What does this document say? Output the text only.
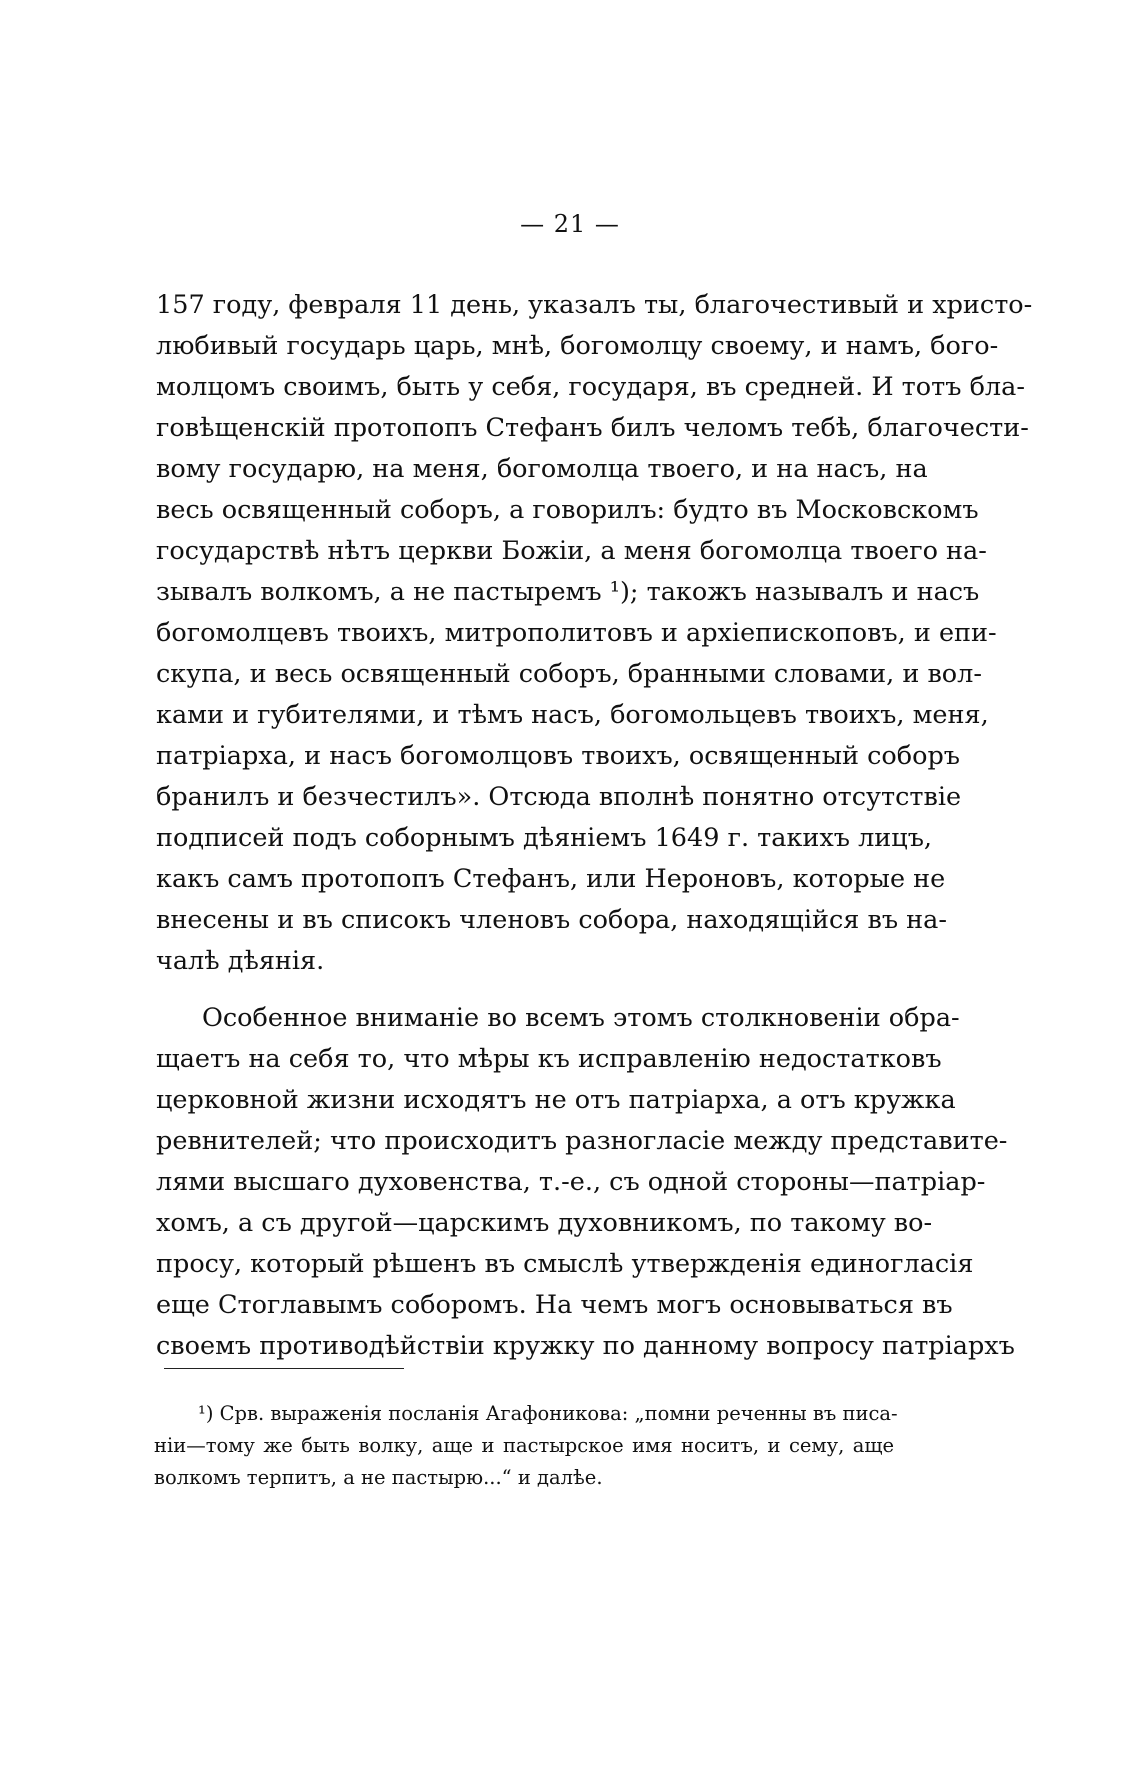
— 21 —
157 году, февраля 11 день, указалъ ты, благочестивый и христо-
любивый государь царь, мнѣ, богомолцу своему, и намъ, бого-
молцомъ своимъ, быть у себя, государя, въ средней. И тотъ бла-
говѣщенскій протопопъ Стефанъ билъ челомъ тебѣ, благочести-
вому государю, на меня, богомолца твоего, и на насъ, на
весь освященный соборъ, а говорилъ: будто въ Московскомъ
государствѣ нѣтъ церкви Божіи, а меня богомолца твоего на-
зывалъ волкомъ, а не пастыремъ ¹); такожъ называлъ и насъ
богомолцевъ твоихъ, митрополитовъ и архіепископовъ, и епи-
скупа, и весь освященный соборъ, бранными словами, и вол-
ками и губителями, и тѣмъ насъ, богомольцевъ твоихъ, меня,
патріарха, и насъ богомолцовъ твоихъ, освященный соборъ
бранилъ и безчестилъ». Отсюда вполнѣ понятно отсутствіе
подписей подъ соборнымъ дѣяніемъ 1649 г. такихъ лицъ,
какъ самъ протопопъ Стефанъ, или Нероновъ, которые не
внесены и въ списокъ членовъ собора, находящійся въ на-
чалѣ дѣянія.
Особенное вниманіе во всемъ этомъ столкновеніи обра-
щаетъ на себя то, что мѣры къ исправленію недостатковъ
церковной жизни исходятъ не отъ патріарха, а отъ кружка
ревнителей; что происходитъ разногласіе между представите-
лями высшаго духовенства, т.-е., съ одной стороны—патріар-
хомъ, а съ другой—царскимъ духовникомъ, по такому во-
просу, который рѣшенъ въ смыслѣ утвержденія единогласія
еще Стоглавымъ соборомъ. На чемъ могъ основываться въ
своемъ противодѣйствіи кружку по данному вопросу патріархъ
¹) Срв. выраженія посланія Агафоникова: „помни реченны въ писа-
ніи—тому же быть волку, аще и пастырское имя носитъ, и сему, аще
волкомъ терпитъ, а не пастырю...“ и далѣе.
